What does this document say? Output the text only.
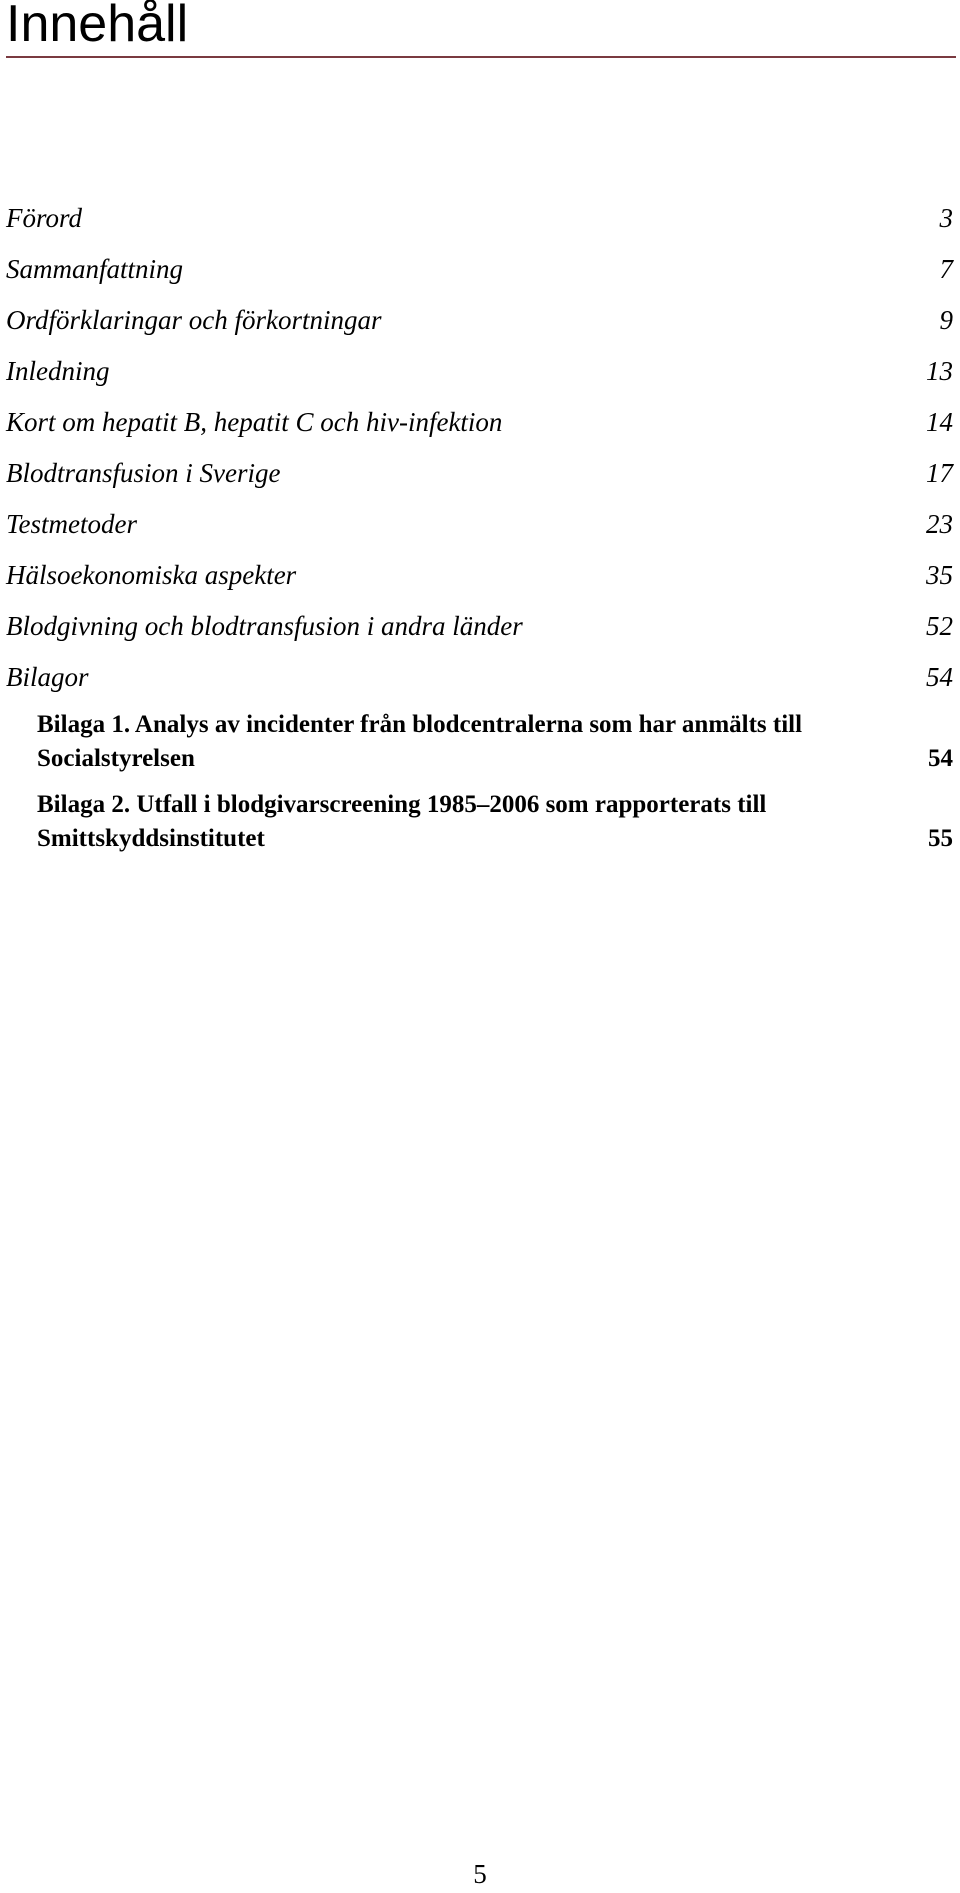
Innehåll
Förord	3
Sammanfattning	7
Ordförklaringar och förkortningar	9
Inledning	13
Kort om hepatit B, hepatit C och hiv-infektion	14
Blodtransfusion i Sverige	17
Testmetoder	23
Hälsoekonomiska aspekter	35
Blodgivning och blodtransfusion i andra länder	52
Bilagor	54
Bilaga 1. Analys av incidenter från blodcentralerna som har anmälts till
Socialstyrelsen	54
Bilaga 2. Utfall i blodgivarscreening 1985–2006 som rapporterats till
Smittskyddsinstitutet	55
5
